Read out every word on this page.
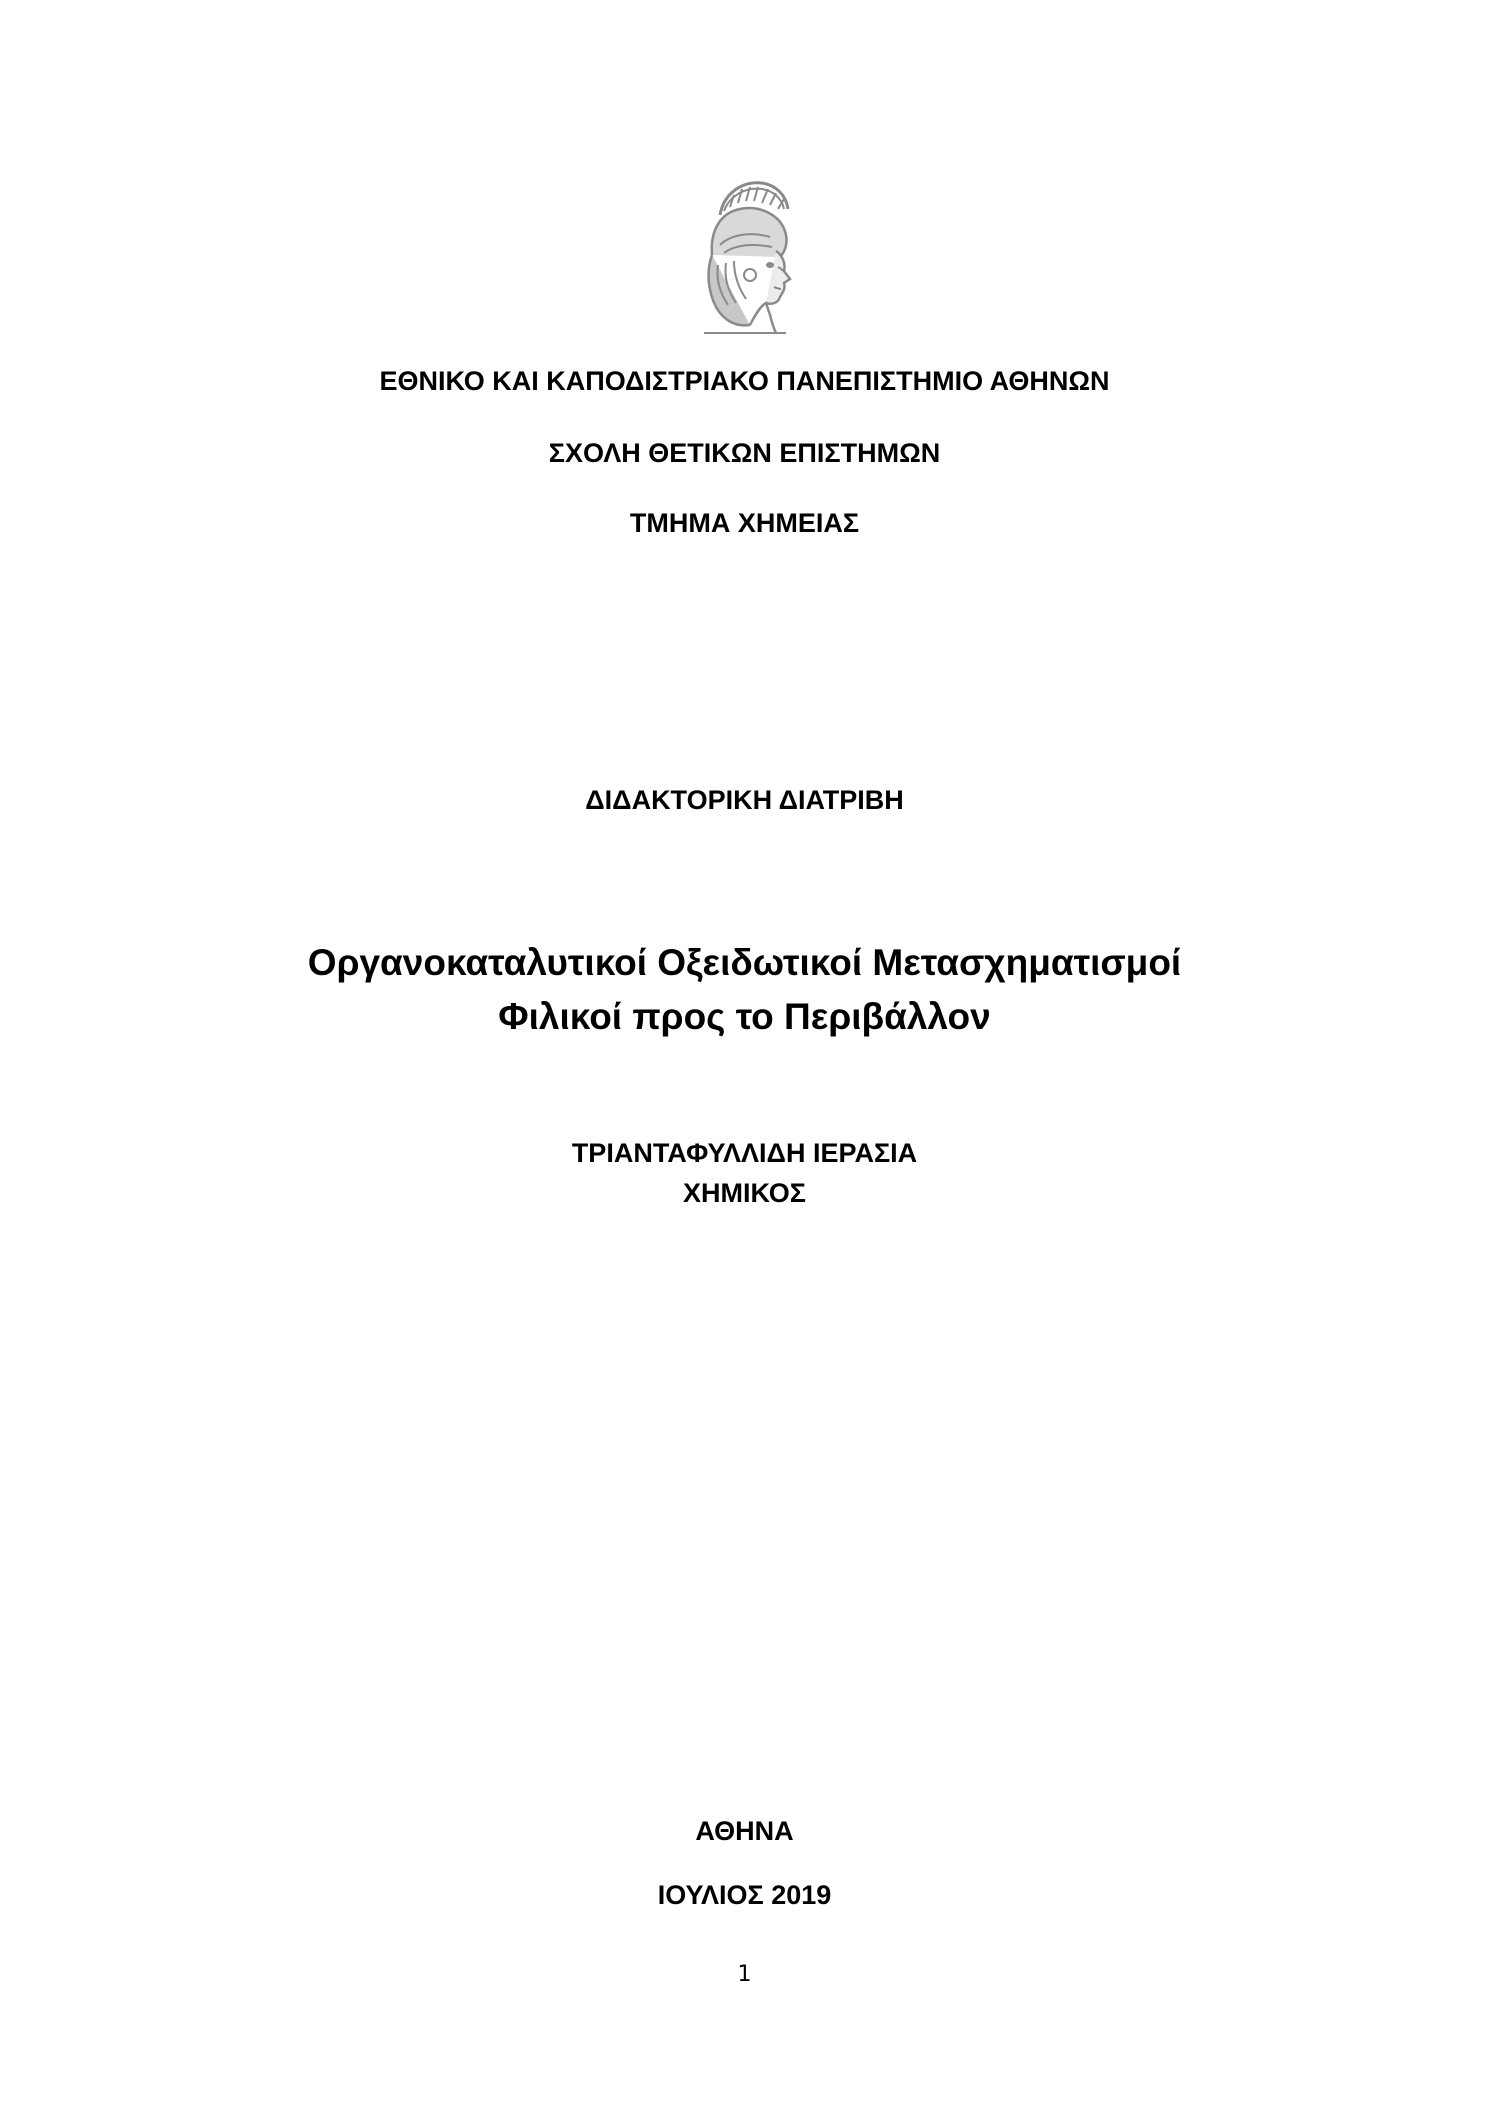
ΕΘΝΙΚΟ ΚΑΙ ΚΑΠΟΔΙΣΤΡΙΑΚΟ ΠΑΝΕΠΙΣΤΗΜΙΟ ΑΘΗΝΩΝ
ΣΧΟΛΗ ΘΕΤΙΚΩΝ ΕΠΙΣΤΗΜΩΝ
ΤΜΗΜΑ ΧΗΜΕΙΑΣ
ΔΙΔΑΚΤΟΡΙΚΗ ΔΙΑΤΡΙΒΗ
Οργανοκαταλυτικοί Οξειδωτικοί Μετασχηματισμοί
Φιλικοί προς το Περιβάλλον
ΤΡΙΑΝΤΑΦΥΛΛΙΔΗ ΙΕΡΑΣΙΑ
ΧΗΜΙΚΟΣ
ΑΘΗΝΑ
ΙΟΥΛΙΟΣ 2019
1
